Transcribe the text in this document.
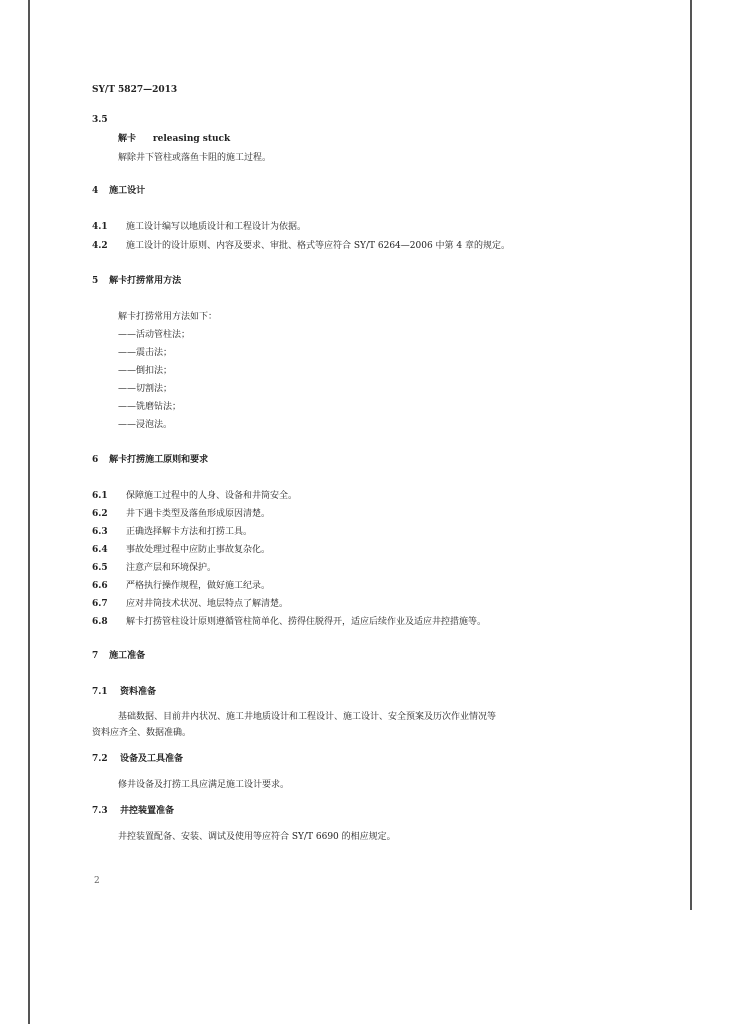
SY/T 5827—2013
3.5
解卡 releasing stuck
解除井下管柱或落鱼卡阻的施工过程。
4 施工设计
4.1 施工设计编写以地质设计和工程设计为依据。
4.2 施工设计的设计原则、内容及要求、审批、格式等应符合 SY/T 6264—2006 中第 4 章的规定。
5 解卡打捞常用方法
解卡打捞常用方法如下：
——活动管柱法；
——震击法；
——倒扣法；
——切割法；
——铣磨钻法；
——浸泡法。
6 解卡打捞施工原则和要求
6.1 保障施工过程中的人身、设备和井筒安全。
6.2 井下遇卡类型及落鱼形成原因清楚。
6.3 正确选择解卡方法和打捞工具。
6.4 事故处理过程中应防止事故复杂化。
6.5 注意产层和环境保护。
6.6 严格执行操作规程，做好施工纪录。
6.7 应对井筒技术状况、地层特点了解清楚。
6.8 解卡打捞管柱设计原则遵循管柱简单化、捞得住脱得开，适应后续作业及适应井控措施等。
7 施工准备
7.1 资料准备
基础数据、目前井内状况、施工井地质设计和工程设计、施工设计、安全预案及历次作业情况等
资料应齐全、数据准确。
7.2 设备及工具准备
修井设备及打捞工具应满足施工设计要求。
7.3 井控装置准备
井控装置配备、安装、调试及使用等应符合 SY/T 6690 的相应规定。
2
